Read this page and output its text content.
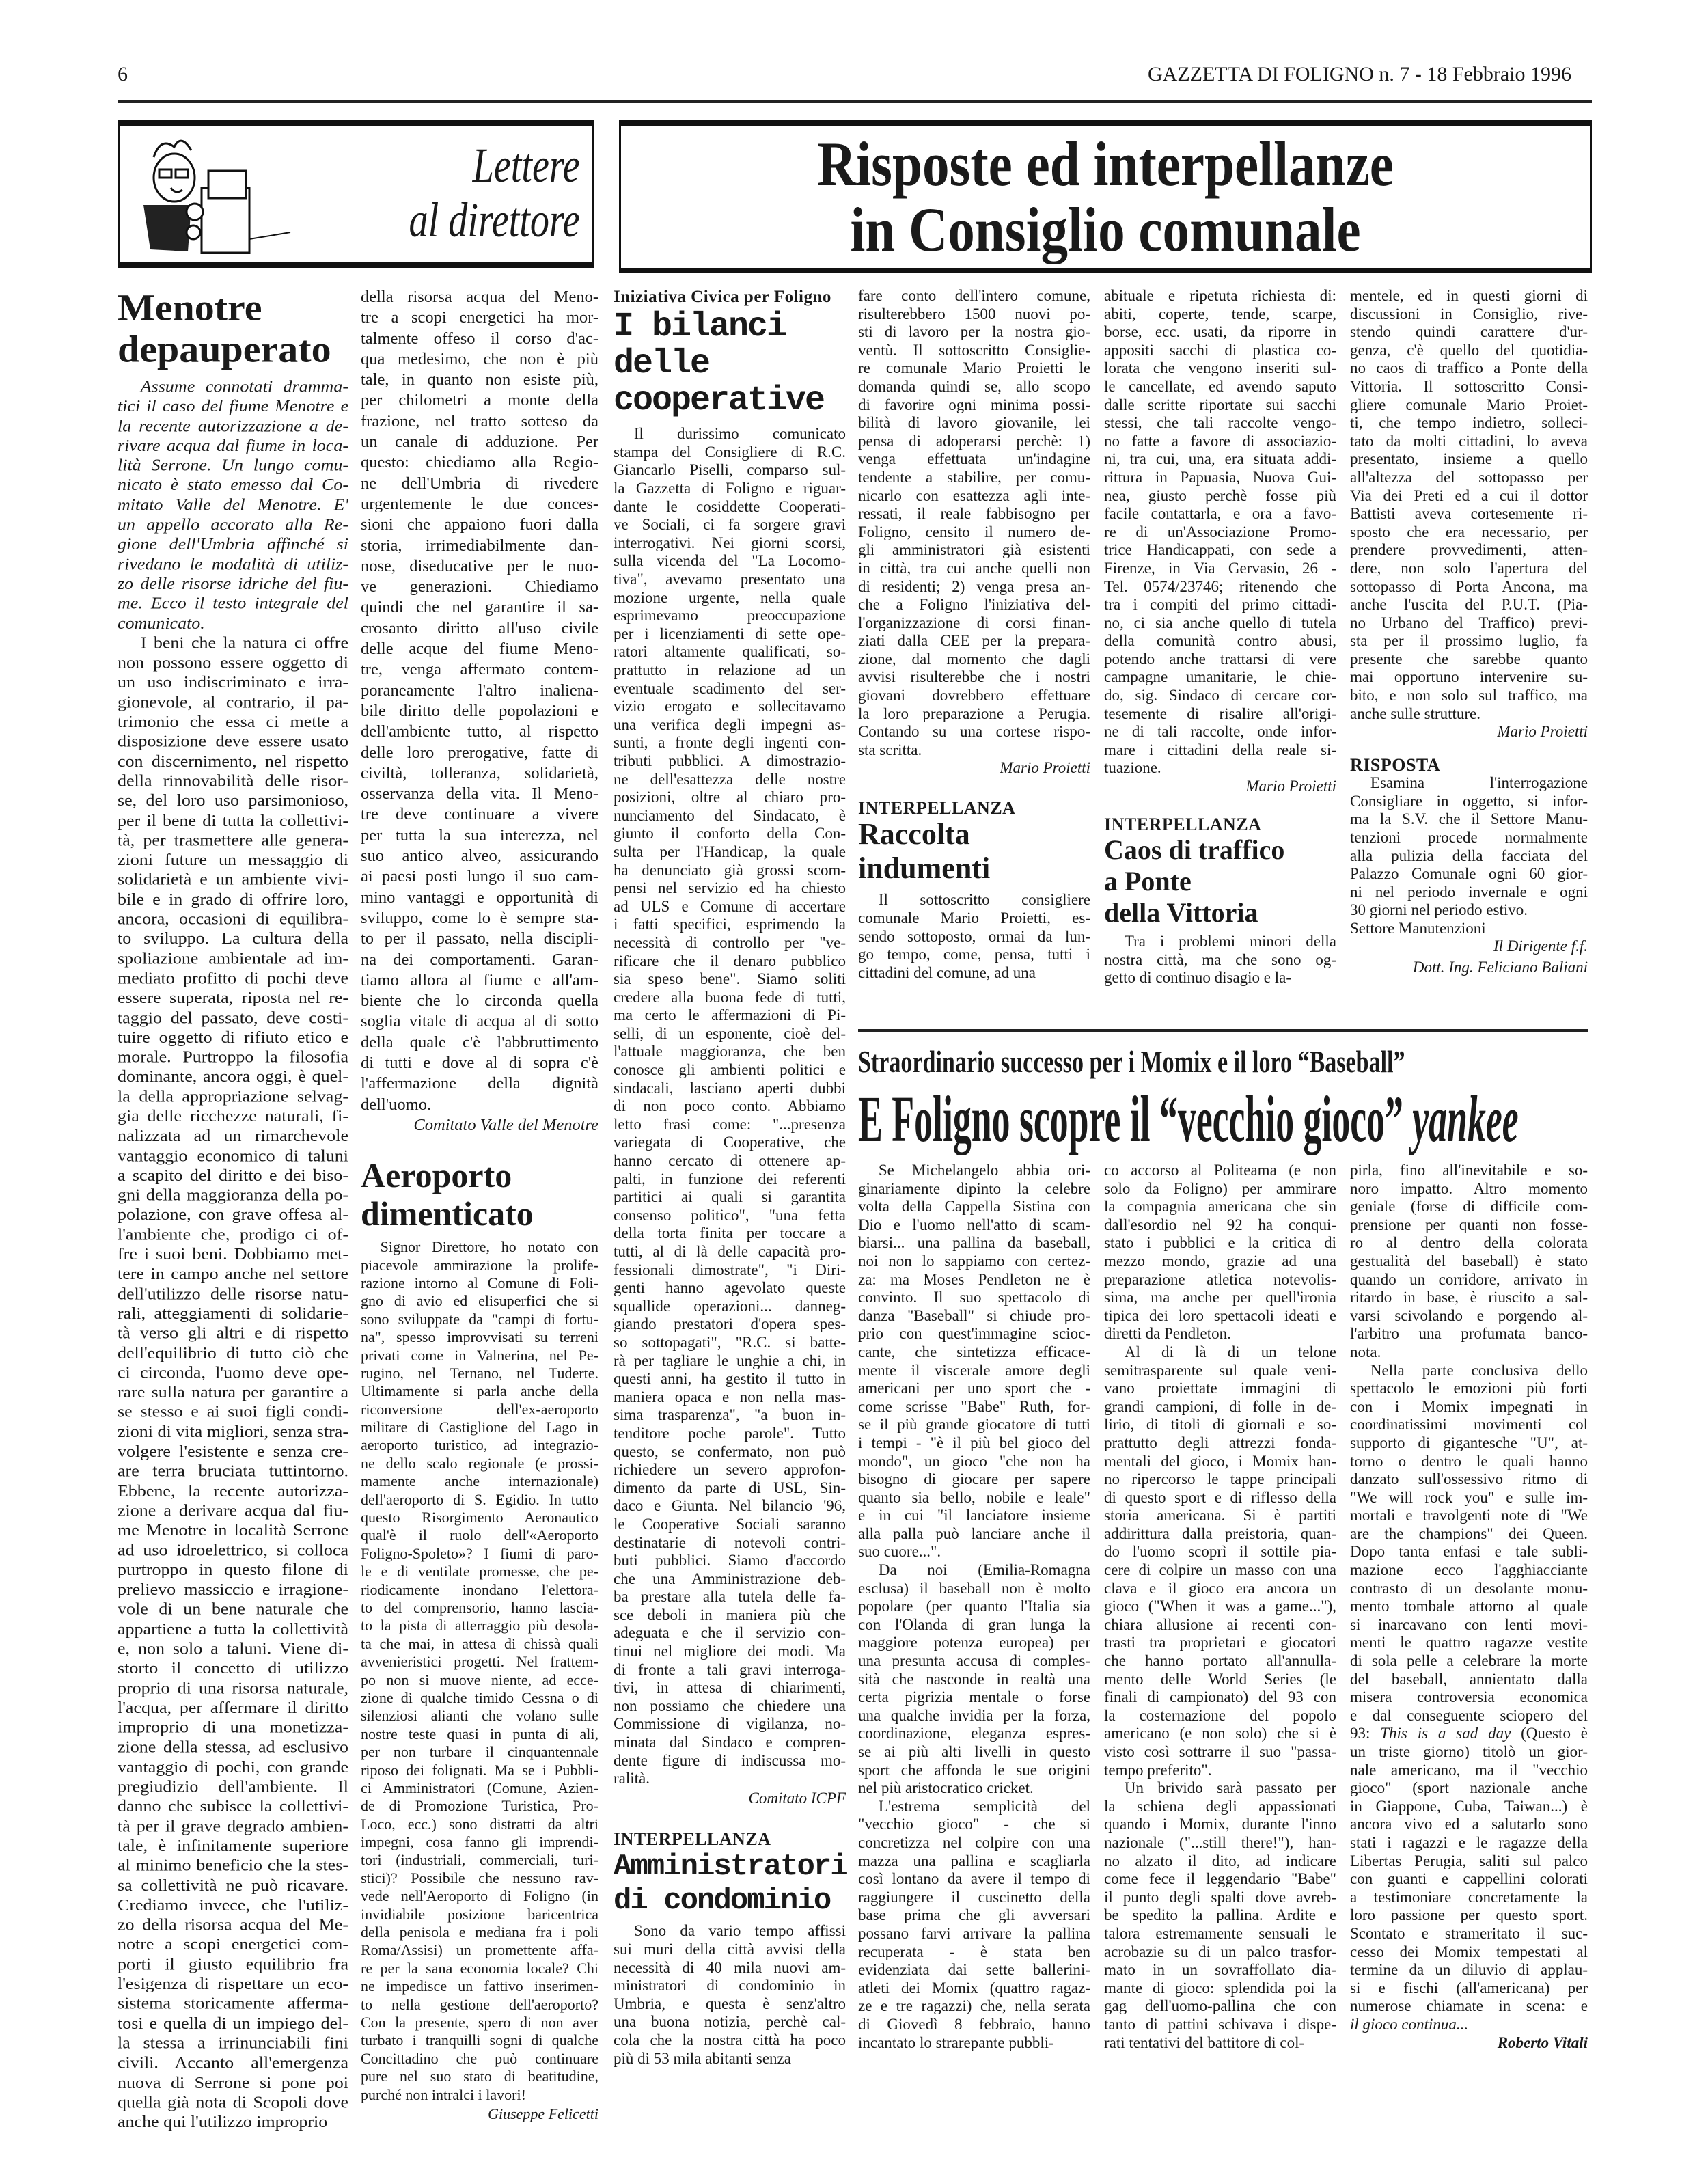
6	GAZZETTA DI FOLIGNO n. 7 - 18 Febbraio 1996
Lettere
al direttore
Risposte ed interpellanze
in Consiglio comunale
Menotre
depauperato
Assume connotati dramma-
tici il caso del fiume Menotre e
la recente autorizzazione a de-
rivare acqua dal fiume in loca-
lità Serrone. Un lungo comu-
nicato è stato emesso dal Co-
mitato Valle del Menotre. E'
un appello accorato alla Re-
gione dell'Umbria affinché si
rivedano le modalità di utiliz-
zo delle risorse idriche del fiu-
me. Ecco il testo integrale del
comunicato.
I beni che la natura ci offre
non possono essere oggetto di
un uso indiscriminato e irra-
gionevole, al contrario, il pa-
trimonio che essa ci mette a
disposizione deve essere usato
con discernimento, nel rispetto
della rinnovabilità delle risor-
se, del loro uso parsimonioso,
per il bene di tutta la collettivi-
tà, per trasmettere alle genera-
zioni future un messaggio di
solidarietà e un ambiente vivi-
bile e in grado di offrire loro,
ancora, occasioni di equilibra-
to sviluppo. La cultura della
spoliazione ambientale ad im-
mediato profitto di pochi deve
essere superata, riposta nel re-
taggio del passato, deve costi-
tuire oggetto di rifiuto etico e
morale. Purtroppo la filosofia
dominante, ancora oggi, è quel-
la della appropriazione selvag-
gia delle ricchezze naturali, fi-
nalizzata ad un rimarchevole
vantaggio economico di taluni
a scapito del diritto e dei biso-
gni della maggioranza della po-
polazione, con grave offesa al-
l'ambiente che, prodigo ci of-
fre i suoi beni. Dobbiamo met-
tere in campo anche nel settore
dell'utilizzo delle risorse natu-
rali, atteggiamenti di solidarie-
tà verso gli altri e di rispetto
dell'equilibrio di tutto ciò che
ci circonda, l'uomo deve ope-
rare sulla natura per garantire a
se stesso e ai suoi figli condi-
zioni di vita migliori, senza stra-
volgere l'esistente e senza cre-
are terra bruciata tuttintorno.
Ebbene, la recente autorizza-
zione a derivare acqua dal fiu-
me Menotre in località Serrone
ad uso idroelettrico, si colloca
purtroppo in questo filone di
prelievo massiccio e irragione-
vole di un bene naturale che
appartiene a tutta la collettività
e, non solo a taluni. Viene di-
storto il concetto di utilizzo
proprio di una risorsa naturale,
l'acqua, per affermare il diritto
improprio di una monetizza-
zione della stessa, ad esclusivo
vantaggio di pochi, con grande
pregiudizio dell'ambiente. Il
danno che subisce la collettivi-
tà per il grave degrado ambien-
tale, è infinitamente superiore
al minimo beneficio che la stes-
sa collettività ne può ricavare.
Crediamo invece, che l'utiliz-
zo della risorsa acqua del Me-
notre a scopi energetici com-
porti il giusto equilibrio fra
l'esigenza di rispettare un eco-
sistema storicamente afferma-
tosi e quella di un impiego del-
la stessa a irrinunciabili fini
civili. Accanto all'emergenza
nuova di Serrone si pone poi
quella già nota di Scopoli dove
anche qui l'utilizzo improprio
della risorsa acqua del Meno-
tre a scopi energetici ha mor-
talmente offeso il corso d'ac-
qua medesimo, che non è più
tale, in quanto non esiste più,
per chilometri a monte della
frazione, nel tratto sotteso da
un canale di adduzione. Per
questo: chiediamo alla Regio-
ne dell'Umbria di rivedere
urgentemente le due conces-
sioni che appaiono fuori dalla
storia, irrimediabilmente dan-
nose, diseducative per le nuo-
ve generazioni. Chiediamo
quindi che nel garantire il sa-
crosanto diritto all'uso civile
delle acque del fiume Meno-
tre, venga affermato contem-
poraneamente l'altro inaliena-
bile diritto delle popolazioni e
dell'ambiente tutto, al rispetto
delle loro prerogative, fatte di
civiltà, tolleranza, solidarietà,
osservanza della vita. Il Meno-
tre deve continuare a vivere
per tutta la sua interezza, nel
suo antico alveo, assicurando
ai paesi posti lungo il suo cam-
mino vantaggi e opportunità di
sviluppo, come lo è sempre sta-
to per il passato, nella discipli-
na dei comportamenti. Garan-
tiamo allora al fiume e all'am-
biente che lo circonda quella
soglia vitale di acqua al di sotto
della quale c'è l'abbruttimento
di tutti e dove al di sopra c'è
l'affermazione della dignità
dell'uomo.
Comitato Valle del Menotre
Aeroporto
dimenticato
Signor Direttore, ho notato con
piacevole ammirazione la prolife-
razione intorno al Comune di Foli-
gno di avio ed elisuperfici che si
sono sviluppate da "campi di fortu-
na", spesso improvvisati su terreni
privati come in Valnerina, nel Pe-
rugino, nel Ternano, nel Tuderte.
Ultimamente si parla anche della
riconversione dell'ex-aeroporto
militare di Castiglione del Lago in
aeroporto turistico, ad integrazio-
ne dello scalo regionale (e prossi-
mamente anche internazionale)
dell'aeroporto di S. Egidio. In tutto
questo Risorgimento Aeronautico
qual'è il ruolo dell'«Aeroporto
Foligno-Spoleto»? I fiumi di paro-
le e di ventilate promesse, che pe-
riodicamente inondano l'elettora-
to del comprensorio, hanno lascia-
to la pista di atterraggio più desola-
ta che mai, in attesa di chissà quali
avvenieristici progetti. Nel frattem-
po non si muove niente, ad ecce-
zione di qualche timido Cessna o di
silenziosi alianti che volano sulle
nostre teste quasi in punta di ali,
per non turbare il cinquantennale
riposo dei folignati. Ma se i Pubbli-
ci Amministratori (Comune, Azien-
de di Promozione Turistica, Pro-
Loco, ecc.) sono distratti da altri
impegni, cosa fanno gli imprendi-
tori (industriali, commerciali, turi-
stici)? Possibile che nessuno rav-
vede nell'Aeroporto di Foligno (in
invidiabile posizione baricentrica
della penisola e mediana fra i poli
Roma/Assisi) un promettente affa-
re per la sana economia locale? Chi
ne impedisce un fattivo inserimen-
to nella gestione dell'aeroporto?
Con la presente, spero di non aver
turbato i tranquilli sogni di qualche
Concittadino che può continuare
pure nel suo stato di beatitudine,
purché non intralci i lavori!
Giuseppe Felicetti
Iniziativa Civica per Foligno
I bilanci delle
cooperative
Il durissimo comunicato
stampa del Consigliere di R.C.
Giancarlo Piselli, comparso sul-
la Gazzetta di Foligno e riguar-
dante le cosiddette Cooperati-
ve Sociali, ci fa sorgere gravi
interrogativi. Nei giorni scorsi,
sulla vicenda del "La Locomo-
tiva", avevamo presentato una
mozione urgente, nella quale
esprimevamo preoccupazione
per i licenziamenti di sette ope-
ratori altamente qualificati, so-
prattutto in relazione ad un
eventuale scadimento del ser-
vizio erogato e sollecitavamo
una verifica degli impegni as-
sunti, a fronte degli ingenti con-
tributi pubblici. A dimostrazio-
ne dell'esattezza delle nostre
posizioni, oltre al chiaro pro-
nunciamento del Sindacato, è
giunto il conforto della Con-
sulta per l'Handicap, la quale
ha denunciato già grossi scom-
pensi nel servizio ed ha chiesto
ad ULS e Comune di accertare
i fatti specifici, esprimendo la
necessità di controllo per "ve-
rificare che il denaro pubblico
sia speso bene". Siamo soliti
credere alla buona fede di tutti,
ma certo le affermazioni di Pi-
selli, di un esponente, cioè del-
l'attuale maggioranza, che ben
conosce gli ambienti politici e
sindacali, lasciano aperti dubbi
di non poco conto. Abbiamo
letto frasi come: "...presenza
variegata di Cooperative, che
hanno cercato di ottenere ap-
palti, in funzione dei referenti
partitici ai quali si garantita
consenso politico", "una fetta
della torta finita per toccare a
tutti, al di là delle capacità pro-
fessionali dimostrate", "i Diri-
genti hanno agevolato queste
squallide operazioni... danneg-
giando prestatori d'opera spes-
so sottopagati", "R.C. si batte-
rà per tagliare le unghie a chi, in
questi anni, ha gestito il tutto in
maniera opaca e non nella mas-
sima trasparenza", "a buon in-
tenditore poche parole". Tutto
questo, se confermato, non può
richiedere un severo approfon-
dimento da parte di USL, Sin-
daco e Giunta. Nel bilancio '96,
le Cooperative Sociali saranno
destinatarie di notevoli contri-
buti pubblici. Siamo d'accordo
che una Amministrazione deb-
ba prestare alla tutela delle fa-
sce deboli in maniera più che
adeguata e che il servizio con-
tinui nel migliore dei modi. Ma
di fronte a tali gravi interroga-
tivi, in attesa di chiarimenti,
non possiamo che chiedere una
Commissione di vigilanza, no-
minata dal Sindaco e compren-
dente figure di indiscussa mo-
ralità.
Comitato ICPF
INTERPELLANZA
Amministratori
di condominio
Sono da vario tempo affissi
sui muri della città avvisi della
necessità di 40 mila nuovi am-
ministratori di condominio in
Umbria, e questa è senz'altro
una buona notizia, perchè cal-
cola che la nostra città ha poco
più di 53 mila abitanti senza
fare conto dell'intero comune,
risulterebbero 1500 nuovi po-
sti di lavoro per la nostra gio-
ventù. Il sottoscritto Consiglie-
re comunale Mario Proietti le
domanda quindi se, allo scopo
di favorire ogni minima possi-
bilità di lavoro giovanile, lei
pensa di adoperarsi perchè: 1)
venga effettuata un'indagine
tendente a stabilire, per comu-
nicarlo con esattezza agli inte-
ressati, il reale fabbisogno per
Foligno, censito il numero de-
gli amministratori già esistenti
in città, tra cui anche quelli non
di residenti; 2) venga presa an-
che a Foligno l'iniziativa del-
l'organizzazione di corsi finan-
ziati dalla CEE per la prepara-
zione, dal momento che dagli
avvisi risulterebbe che i nostri
giovani dovrebbero effettuare
la loro preparazione a Perugia.
Contando su una cortese rispo-
sta scritta.
Mario Proietti
INTERPELLANZA
Raccolta
indumenti
Il sottoscritto consigliere
comunale Mario Proietti, es-
sendo sottoposto, ormai da lun-
go tempo, come, pensa, tutti i
cittadini del comune, ad una
abituale e ripetuta richiesta di:
abiti, coperte, tende, scarpe,
borse, ecc. usati, da riporre in
appositi sacchi di plastica co-
lorata che vengono inseriti sul-
le cancellate, ed avendo saputo
dalle scritte riportate sui sacchi
stessi, che tali raccolte vengo-
no fatte a favore di associazio-
ni, tra cui, una, era situata addi-
rittura in Papuasia, Nuova Gui-
nea, giusto perchè fosse più
facile contattarla, e ora a favo-
re di un'Associazione Promo-
trice Handicappati, con sede a
Firenze, in Via Gervasio, 26 -
Tel. 0574/23746; ritenendo che
tra i compiti del primo cittadi-
no, ci sia anche quello di tutela
della comunità contro abusi,
potendo anche trattarsi di vere
campagne umanitarie, le chie-
do, sig. Sindaco di cercare cor-
tesemente di risalire all'origi-
ne di tali raccolte, onde infor-
mare i cittadini della reale si-
tuazione.
Mario Proietti
INTERPELLANZA
Caos di traffico
a Ponte
della Vittoria
Tra i problemi minori della
nostra città, ma che sono og-
getto di continuo disagio e la-
mentele, ed in questi giorni di
discussioni in Consiglio, rive-
stendo quindi carattere d'ur-
genza, c'è quello del quotidia-
no caos di traffico a Ponte della
Vittoria. Il sottoscritto Consi-
gliere comunale Mario Proiet-
ti, che tempo indietro, solleci-
tato da molti cittadini, lo aveva
presentato, insieme a quello
all'altezza del sottopasso per
Via dei Preti ed a cui il dottor
Battisti aveva cortesemente ri-
sposto che era necessario, per
prendere provvedimenti, atten-
dere, non solo l'apertura del
sottopasso di Porta Ancona, ma
anche l'uscita del P.U.T. (Pia-
no Urbano del Traffico) previ-
sta per il prossimo luglio, fa
presente che sarebbe quanto
mai opportuno intervenire su-
bito, e non solo sul traffico, ma
anche sulle strutture.
Mario Proietti
RISPOSTA
Esamina l'interrogazione
Consigliare in oggetto, si infor-
ma la S.V. che il Settore Manu-
tenzioni procede normalmente
alla pulizia della facciata del
Palazzo Comunale ogni 60 gior-
ni nel periodo invernale e ogni
30 giorni nel periodo estivo.
Settore Manutenzioni
Il Dirigente f.f.
Dott. Ing. Feliciano Baliani
Straordinario successo per i Momix e il loro “Baseball”
E Foligno scopre il “vecchio gioco” yankee
Se Michelangelo abbia ori-
ginariamente dipinto la celebre
volta della Cappella Sistina con
Dio e l'uomo nell'atto di scam-
biarsi... una pallina da baseball,
noi non lo sappiamo con certez-
za: ma Moses Pendleton ne è
convinto. Il suo spettacolo di
danza "Baseball" si chiude pro-
prio con quest'immagine scioc-
cante, che sintetizza efficace-
mente il viscerale amore degli
americani per uno sport che -
come scrisse "Babe" Ruth, for-
se il più grande giocatore di tutti
i tempi - "è il più bel gioco del
mondo", un gioco "che non ha
bisogno di giocare per sapere
quanto sia bello, nobile e leale"
e in cui "il lanciatore insieme
alla palla può lanciare anche il
suo cuore...".
Da noi (Emilia-Romagna
esclusa) il baseball non è molto
popolare (per quanto l'Italia sia
con l'Olanda di gran lunga la
maggiore potenza europea) per
una presunta accusa di comples-
sità che nasconde in realtà una
certa pigrizia mentale o forse
una qualche invidia per la forza,
coordinazione, eleganza espres-
se ai più alti livelli in questo
sport che affonda le sue origini
nel più aristocratico cricket.
L'estrema semplicità del
"vecchio gioco" - che si
concretizza nel colpire con una
mazza una pallina e scagliarla
così lontano da avere il tempo di
raggiungere il cuscinetto della
base prima che gli avversari
possano farvi arrivare la pallina
recuperata - è stata ben
evidenziata dai sette ballerini-
atleti dei Momix (quattro ragaz-
ze e tre ragazzi) che, nella serata
di Giovedì 8 febbraio, hanno
incantato lo strarepante pubbli-
co accorso al Politeama (e non
solo da Foligno) per ammirare
la compagnia americana che sin
dall'esordio nel 92 ha conqui-
stato i pubblici e la critica di
mezzo mondo, grazie ad una
preparazione atletica notevolis-
sima, ma anche per quell'ironia
tipica dei loro spettacoli ideati e
diretti da Pendleton.
Al di là di un telone
semitrasparente sul quale veni-
vano proiettate immagini di
grandi campioni, di folle in de-
lirio, di titoli di giornali e so-
prattutto degli attrezzi fonda-
mentali del gioco, i Momix han-
no ripercorso le tappe principali
di questo sport e di riflesso della
storia americana. Si è partiti
addirittura dalla preistoria, quan-
do l'uomo scoprì il sottile pia-
cere di colpire un masso con una
clava e il gioco era ancora un
gioco ("When it was a game..."),
chiara allusione ai recenti con-
trasti tra proprietari e giocatori
che hanno portato all'annulla-
mento delle World Series (le
finali di campionato) del 93 con
la costernazione del popolo
americano (e non solo) che si è
visto così sottrarre il suo "passa-
tempo preferito".
Un brivido sarà passato per
la schiena degli appassionati
quando i Momix, durante l'inno
nazionale ("...still there!"), han-
no alzato il dito, ad indicare
come fece il leggendario "Babe"
il punto degli spalti dove avreb-
be spedito la pallina. Ardite e
talora estremamente sensuali le
acrobazie su di un palco trasfor-
mato in un sovraffollato dia-
mante di gioco: splendida poi la
gag dell'uomo-pallina che con
tanto di pattini schivava i dispe-
rati tentativi del battitore di col-
pirla, fino all'inevitabile e so-
noro impatto. Altro momento
geniale (forse di difficile com-
prensione per quanti non fosse-
ro al dentro della colorata
gestualità del baseball) è stato
quando un corridore, arrivato in
ritardo in base, è riuscito a sal-
varsi scivolando e porgendo al-
l'arbitro una profumata banco-
nota.
Nella parte conclusiva dello
spettacolo le emozioni più forti
con i Momix impegnati in
coordinatissimi movimenti col
supporto di gigantesche "U", at-
torno o dentro le quali hanno
danzato sull'ossessivo ritmo di
"We will rock you" e sulle im-
mortali e travolgenti note di "We
are the champions" dei Queen.
Dopo tanta enfasi e tale subli-
mazione ecco l'agghiacciante
contrasto di un desolante monu-
mento tombale attorno al quale
si inarcavano con lenti movi-
menti le quattro ragazze vestite
di sola pelle a celebrare la morte
del baseball, annientato dalla
misera controversia economica
e dal conseguente sciopero del
93: This is a sad day (Questo è
un triste giorno) titolò un gior-
nale americano, ma il "vecchio
gioco" (sport nazionale anche
in Giappone, Cuba, Taiwan...) è
ancora vivo ed a salutarlo sono
stati i ragazzi e le ragazze della
Libertas Perugia, saliti sul palco
con guanti e cappellini colorati
a testimoniare concretamente la
loro passione per questo sport.
Scontato e strameritato il suc-
cesso dei Momix tempestati al
termine da un diluvio di applau-
si e fischi (all'americana) per
numerose chiamate in scena: e
il gioco continua...
Roberto Vitali
